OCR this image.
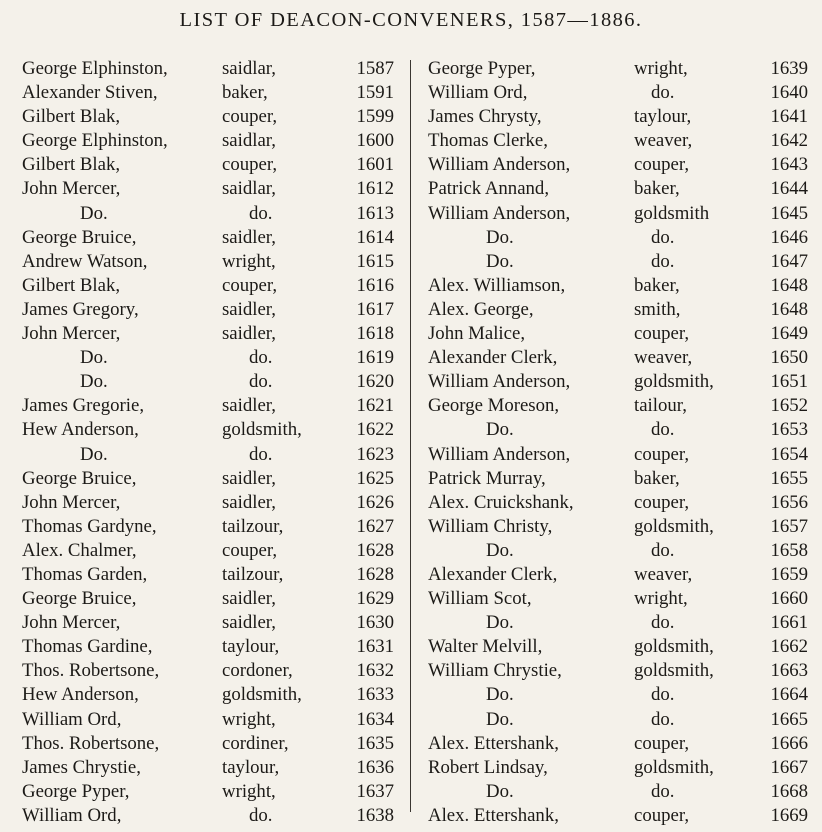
LIST OF DEACON-CONVENERS, 1587—1886.
George Elphinston,	saidlar,	1587
Alexander Stiven,	baker,	1591
Gilbert Blak,	couper,	1599
George Elphinston,	saidlar,	1600
Gilbert Blak,	couper,	1601
John Mercer,	saidlar,	1612
Do.	do.	1613
George Bruice,	saidler,	1614
Andrew Watson,	wright,	1615
Gilbert Blak,	couper,	1616
James Gregory,	saidler,	1617
John Mercer,	saidler,	1618
Do.	do.	1619
Do.	do.	1620
James Gregorie,	saidler,	1621
Hew Anderson,	goldsmith,	1622
Do.	do.	1623
George Bruice,	saidler,	1625
John Mercer,	saidler,	1626
Thomas Gardyne,	tailzour,	1627
Alex. Chalmer,	couper,	1628
Thomas Garden,	tailzour,	1628
George Bruice,	saidler,	1629
John Mercer,	saidler,	1630
Thomas Gardine,	taylour,	1631
Thos. Robertsone,	cordoner,	1632
Hew Anderson,	goldsmith,	1633
William Ord,	wright,	1634
Thos. Robertsone,	cordiner,	1635
James Chrystie,	taylour,	1636
George Pyper,	wright,	1637
William Ord,	do.	1638
George Pyper,	wright,	1639
William Ord,	do.	1640
James Chrysty,	taylour,	1641
Thomas Clerke,	weaver,	1642
William Anderson,	couper,	1643
Patrick Annand,	baker,	1644
William Anderson,	goldsmith	1645
Do.	do.	1646
Do.	do.	1647
Alex. Williamson,	baker,	1648
Alex. George,	smith,	1648
John Malice,	couper,	1649
Alexander Clerk,	weaver,	1650
William Anderson,	goldsmith,	1651
George Moreson,	tailour,	1652
Do.	do.	1653
William Anderson,	couper,	1654
Patrick Murray,	baker,	1655
Alex. Cruickshank,	couper,	1656
William Christy,	goldsmith,	1657
Do.	do.	1658
Alexander Clerk,	weaver,	1659
William Scot,	wright,	1660
Do.	do.	1661
Walter Melvill,	goldsmith,	1662
William Chrystie,	goldsmith,	1663
Do.	do.	1664
Do.	do.	1665
Alex. Ettershank,	couper,	1666
Robert Lindsay,	goldsmith,	1667
Do.	do.	1668
Alex. Ettershank,	couper,	1669
